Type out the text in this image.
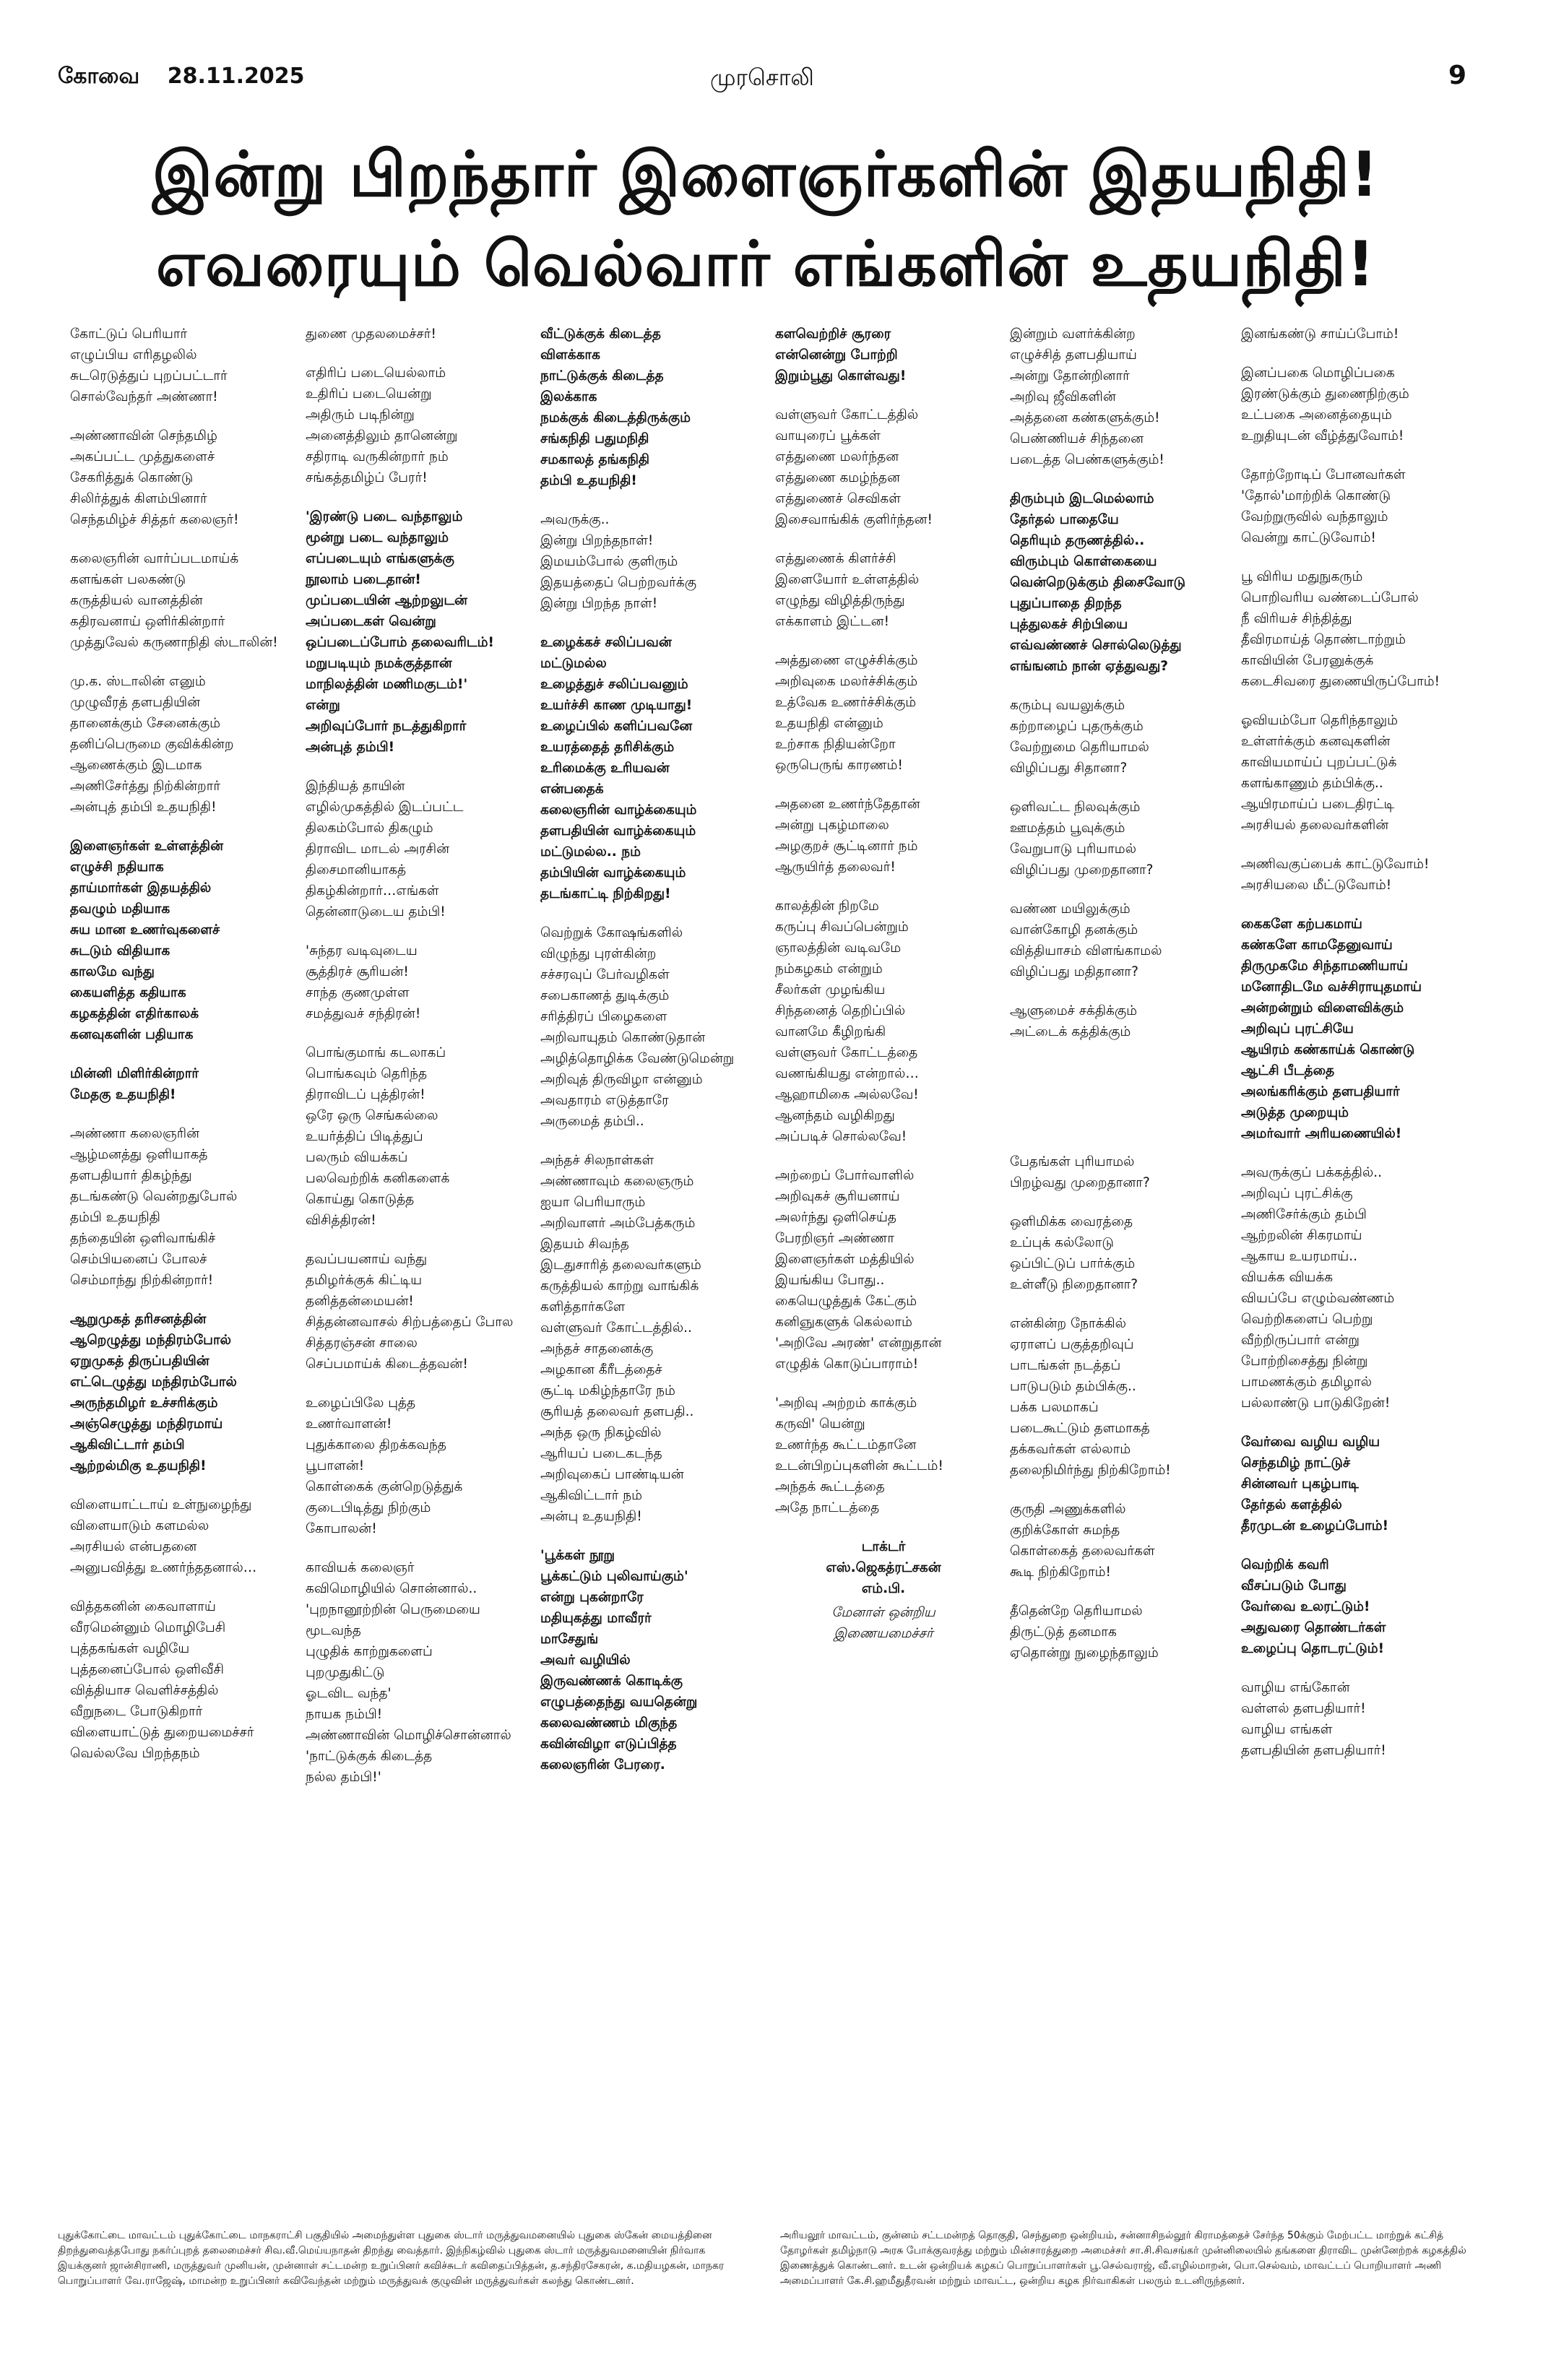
கோவை 28.11.2025	முரசொலி	9
இன்று பிறந்தார் இளைஞர்களின் இதயநிதி!
எவரையும் வெல்வார் எங்களின் உதயநிதி!

கோட்டுப் பெரியார்
எழுப்பிய எரிதழலில்
சுடரெடுத்துப் புறப்பட்டார்
சொல்வேந்தர் அண்ணா!

அண்ணாவின் செந்தமிழ்
அகப்பட்ட முத்துகளைச்
சேகரித்துக் கொண்டு
சிலிர்த்துக் கிளம்பினார்
செந்தமிழ்ச் சித்தர் கலைஞர்!

கலைஞரின் வார்ப்படமாய்க்
களங்கள் பலகண்டு
கருத்தியல் வானத்தின்
கதிரவனாய் ஒளிர்கின்றார்
முத்துவேல் கருணாநிதி ஸ்டாலின்!

மு.க. ஸ்டாலின் எனும்
முழுவீரத் தளபதியின்
தானைக்கும் சேனைக்கும்
தனிப்பெருமை குவிக்கின்ற
ஆணைக்கும் இடமாக
அணிசேர்த்து நிற்கின்றார்
அன்புத் தம்பி உதயநிதி!

இளைஞர்கள் உள்ளத்தின்
எழுச்சி நதியாக
தாய்மார்கள் இதயத்தில்
தவழும் மதியாக
சுய மான உணர்வுகளைச்
சுடடும் விதியாக
காலமே வந்து
கையளித்த கதியாக
கழகத்தின் எதிர்காலக்
கனவுகளின் பதியாக

மின்னி மிளிர்கின்றார்
மேதகு உதயநிதி!

அண்ணா கலைஞரின்
ஆழ்மனத்து ஒளியாகத்
தளபதியார் திகழ்ந்து
தடங்கண்டு வென்றதுபோல்
தம்பி உதயநிதி
தந்தையின் ஒளிவாங்கிச்
செம்பியனைப் போலச்
செம்மாந்து நிற்கின்றார்!

ஆறுமுகத் தரிசனத்தின்
ஆறெழுத்து மந்திரம்போல்
ஏறுமுகத் திருப்பதியின்
எட்டெழுத்து மந்திரம்போல்
அருந்தமிழர் உச்சரிக்கும்
அஞ்செழுத்து மந்திரமாய்
ஆகிவிட்டார் தம்பி
ஆற்றல்மிகு உதயநிதி!

விளையாட்டாய் உள்நுழைந்து
விளையாடும் களமல்ல
அரசியல் என்பதனை
அனுபவித்து உணர்ந்ததனால்…

வித்தகனின் கைவாளாய்
வீரமென்னும் மொழிபேசி
புத்தகங்கள் வழியே
புத்தனைப்போல் ஒளிவீசி
வித்தியாச வெளிச்சத்தில்
வீறுநடை போடுகிறார்
விளையாட்டுத் துறையமைச்சர்
வெல்லவே பிறந்தநம்

துணை முதலமைச்சர்!

எதிரிப் படையெல்லாம்
உதிரிப் படையென்று
அதிரும் படிநின்று
அனைத்திலும் தானென்று
சதிராடி வருகின்றார் நம்
சங்கத்தமிழ்ப் பேரர்!

'இரண்டு படை வந்தாலும்
மூன்று படை வந்தாலும்
எப்படையும் எங்களுக்கு
நூலாம் படைதான்!
முப்படையின் ஆற்றலுடன்
அப்படைகள் வென்று
ஒப்படைப்போம் தலைவரிடம்!
மறுபடியும் நமக்குத்தான்
மாநிலத்தின் மணிமகுடம்!'
என்று
அறிவுப்போர் நடத்துகிறார்
அன்புத் தம்பி!

இந்தியத் தாயின்
எழில்முகத்தில் இடப்பட்ட
திலகம்போல் திகழும்
திராவிட மாடல் அரசின்
திசைமானியாகத்
திகழ்கின்றார்…எங்கள்
தென்னாடுடைய தம்பி!

'சுந்தர வடிவுடைய
சூத்திரச் சூரியன்!
சாந்த குணமுள்ள
சமத்துவச் சந்திரன்!

பொங்குமாங் கடலாகப்
பொங்கவும் தெரிந்த
திராவிடப் புத்திரன்!
ஒரே ஒரு செங்கல்லை
உயர்த்திப் பிடித்துப்
பலரும் வியக்கப்
பலவெற்றிக் கனிகளைக்
கொய்து கொடுத்த
விசித்திரன்!

தவப்பயனாய் வந்து
தமிழர்க்குக் கிட்டிய
தனித்தன்மையன்!
சித்தன்னவாசல் சிற்பத்தைப் போல
சித்தரஞ்சன் சாலை
செப்பமாய்க் கிடைத்தவன்!

உழைப்பிலே புத்த
உணர்வாளன்!
புதுக்காலை திறக்கவந்த
பூபாளன்!
கொள்கைக் குன்றெடுத்துக்
குடைபிடித்து நிற்கும்
கோபாலன்!

காவியக் கலைஞர்
கவிமொழியில் சொன்னால்..
'புறநானூற்றின் பெருமையை
மூடவந்த
புழுதிக் காற்றுகளைப்
புறமுதுகிட்டு
ஓடவிட வந்த'
நாயக நம்பி!
அண்ணாவின் மொழிச்சொன்னால்
'நாட்டுக்குக் கிடைத்த
நல்ல தம்பி!'

வீட்டுக்குக் கிடைத்த
விளக்காக
நாட்டுக்குக் கிடைத்த
இலக்காக
நமக்குக் கிடைத்திருக்கும்
சங்கநிதி பதுமநிதி
சமகாலத் தங்கநிதி
தம்பி உதயநிதி!

அவருக்கு..
இன்று பிறந்தநாள்!
இமயம்போல் குளிரும்
இதயத்தைப் பெற்றவர்க்கு
இன்று பிறந்த நாள்!

உழைக்கச் சலிப்பவன்
மட்டுமல்ல
உழைத்துச் சலிப்பவனும்
உயர்ச்சி காண முடியாது!
உழைப்பில் களிப்பவனே
உயரத்தைத் தரிசிக்கும்
உரிமைக்கு உரியவன்
என்பதைக்
கலைஞரின் வாழ்க்கையும்
தளபதியின் வாழ்க்கையும்
மட்டுமல்ல.. நம்
தம்பியின் வாழ்க்கையும்
தடங்காட்டி நிற்கிறது!

வெற்றுக் கோஷங்களில்
விழுந்து புரள்கின்ற
சச்சரவுப் பேர்வழிகள்
சபைகாணத் துடிக்கும்
சரித்திரப் பிழைகளை
அறிவாயுதம் கொண்டுதான்
அழித்தொழிக்க வேண்டுமென்று
அறிவுத் திருவிழா என்னும்
அவதாரம் எடுத்தாரே
அருமைத் தம்பி..

அந்தச் சிலநாள்கள்
அண்ணாவும் கலைஞரும்
ஐயா பெரியாரும்
அறிவாளர் அம்பேத்கரும்
இதயம் சிவந்த
இடதுசாரித் தலைவர்களும்
கருத்தியல் காற்று வாங்கிக்
களித்தார்களே
வள்ளுவர் கோட்டத்தில்..
அந்தச் சாதனைக்கு
அழகான கீரீடத்தைச்
சூட்டி மகிழ்ந்தாரே நம்
சூரியத் தலைவர் தளபதி..
அந்த ஒரு நிகழ்வில்
ஆரியப் படைகடந்த
அறிவுகைப் பாண்டியன்
ஆகிவிட்டார் நம்
அன்பு உதயநிதி!

'பூக்கள் நூறு
பூக்கட்டும் புலிவாய்கும்'
என்று புகன்றாரே
மதியுகத்து மாவீரர்
மாசேதுங்
அவர் வழியில்
இருவண்ணக் கொடிக்கு
எழுபத்தைந்து வயதென்று
கலைவண்ணம் மிகுந்த
கவின்விழா எடுப்பித்த
கலைஞரின் பேரரை.

களவெற்றிச் சூரரை
என்னென்று போற்றி
இறும்பூது கொள்வது!

வள்ளுவர் கோட்டத்தில்
வாயுரைப் பூக்கள்
எத்துணை மலர்ந்தன
எத்துணை கமழ்ந்தன
எத்துணைச் செவிகள்
இசைவாங்கிக் குளிர்ந்தன!

எத்துணைக் கிளர்ச்சி
இளையோர் உள்ளத்தில்
எழுந்து விழித்திருந்து
எக்காளம் இட்டன!

அத்துணை எழுச்சிக்கும்
அறிவுகை மலர்ச்சிக்கும்
உத்வேக உணர்ச்சிக்கும்
உதயநிதி என்னும்
உற்சாக நிதியன்றோ
ஒருபெருங் காரணம்!

அதனை உணர்ந்தேதான்
அன்று புகழ்மாலை
அழகுறச் சூட்டினார் நம்
ஆருயிர்த் தலைவர்!

காலத்தின் நிறமே
கருப்பு சிவப்பென்றும்
ஞாலத்தின் வடிவமே
நம்கழகம் என்றும்
சீலர்கள் முழங்கிய
சிந்தனைத் தெறிப்பில்
வானமே கீழிறங்கி
வள்ளுவர் கோட்டத்தை
வணங்கியது என்றால்…
ஆஹாமிகை அல்லவே!
ஆனந்தம் வழிகிறது
அப்படிச் சொல்லவே!

அற்றைப் போர்வாளில்
அறிவுகச் சூரியனாய்
அலர்ந்து ஒளிசெய்த
பேரறிஞர் அண்ணா
இளைஞர்கள் மத்தியில்
இயங்கிய போது..
கையெழுத்துக் கேட்கும்
கனிஞுகளுக் கெல்லாம்
'அறிவே அரண்' என்றுதான்
எழுதிக் கொடுப்பாராம்!

'அறிவு அற்றம் காக்கும்
கருவி' யென்று
உணர்ந்த கூட்டம்தானே
உடன்பிறப்புகளின் கூட்டம்!
அந்தக் கூட்டத்தை
அதே நாட்டத்தை

டாக்டர்
எஸ்.ஜெகத்ரட்சகன்
எம்.பி.
மேனாள் ஒன்றிய
இணையமைச்சர்

இன்றும் வளர்க்கின்ற
எழுச்சித் தளபதியாய்
அன்று தோன்றினார்
அறிவு ஜீவிகளின்
அத்தனை கண்களுக்கும்!
பெண்ணியச் சிந்தனை
படைத்த பெண்களுக்கும்!

திரும்பும் இடமெல்லாம்
தேர்தல் பாதையே
தெரியும் தருணத்தில்..
விரும்பும் கொள்கையை
வென்றெடுக்கும் திசைவோடு
புதுப்பாதை திறந்த
புத்துலகச் சிற்பியை
எவ்வண்ணச் சொல்லெடுத்து
எங்ஙனம் நான் ஏத்துவது?

கரும்பு வயலுக்கும்
கற்றாழைப் புதருக்கும்
வேற்றுமை தெரியாமல்
விழிப்பது சிதானா?

ஒளிவட்ட நிலவுக்கும்
ஊமத்தம் பூவுக்கும்
வேறுபாடு புரியாமல்
விழிப்பது முறைதானா?

வண்ண மயிலுக்கும்
வான்கோழி தனக்கும்
வித்தியாசம் விளங்காமல்
விழிப்பது மதிதானா?

ஆளுமைச் சக்திக்கும்
அட்டைக் கத்திக்கும்

பேதங்கள் புரியாமல்
பிறழ்வது முறைதானா?

ஒளிமிக்க வைரத்தை
உப்புக் கல்லோடு
ஒப்பிட்டுப் பார்க்கும்
உள்ளீடு நிறைதானா?

என்கின்ற நோக்கில்
ஏராளப் பகுத்தறிவுப்
பாடங்கள் நடத்தப்
பாடுபடும் தம்பிக்கு..
பக்க பலமாகப்
படைகூட்டும் தளமாகத்
தக்கவர்கள் எல்லாம்
தலைநிமிர்ந்து நிற்கிறோம்!

குருதி அணுக்களில்
குறிக்கோள் சுமந்த
கொள்கைத் தலைவர்கள்
கூடி நிற்கிறோம்!

தீதென்றே தெரியாமல்
திருட்டுத் தனமாக
ஏதொன்று நுழைந்தாலும்

இனங்கண்டு சாய்ப்போம்!

இனப்பகை மொழிப்பகை
இரண்டுக்கும் துணைநிற்கும்
உட்பகை அனைத்தையும்
உறுதியுடன் வீழ்த்துவோம்!

தோற்றோடிப் போனவர்கள்
'தோல்'மாற்றிக் கொண்டு
வேற்றுருவில் வந்தாலும்
வென்று காட்டுவோம்!

பூ விரிய மதுநுகரும்
பொறிவரிய வண்டைப்போல்
நீ விரியச் சிந்தித்து
தீவிரமாய்த் தொண்டாற்றும்
காவியின் பேரனுக்குக்
கடைசிவரை துணையிருப்போம்!

ஓவியம்போ தெரிந்தாலும்
உள்ளர்க்கும் கனவுகளின்
காவியமாய்ப் புறப்பட்டுக்
களங்காணும் தம்பிக்கு..
ஆயிரமாய்ப் படைதிரட்டி
அரசியல் தலைவர்களின்

அணிவகுப்பைக் காட்டுவோம்!
அரசியலை மீட்டுவோம்!

கைகளே கற்பகமாய்
கண்களே காமதேனுவாய்
திருமுகமே சிந்தாமணியாய்
மனோதிடமே வச்சிராயுதமாய்
அன்றன்றும் விளைவிக்கும்
அறிவுப் புரட்சியே
ஆயிரம் கண்காய்க் கொண்டு
ஆட்சி பீடத்தை
அலங்கரிக்கும் தளபதியார்
அடுத்த முறையும்
அமர்வார் அரியணையில்!

அவருக்குப் பக்கத்தில்..
அறிவுப் புரட்சிக்கு
அணிசேர்க்கும் தம்பி
ஆற்றலின் சிகரமாய்
ஆகாய உயரமாய்..
வியக்க வியக்க
வியப்பே எழும்வண்ணம்
வெற்றிகளைப் பெற்று
வீற்றிருப்பார் என்று
போற்றிசைத்து நின்று
பாமணக்கும் தமிழால்
பல்லாண்டு பாடுகிறேன்!

வேர்வை வழிய வழிய
செந்தமிழ் நாட்டுச்
சின்னவர் புகழ்பாடி
தேர்தல் களத்தில்
தீரமுடன் உழைப்போம்!

வெற்றிக் கவரி
வீசப்படும் போது
வேர்வை உலரட்டும்!
அதுவரை தொண்டர்கள்
உழைப்பு தொடரட்டும்!

வாழிய எங்கோன்
வள்ளல் தளபதியார்!
வாழிய எங்கள்
தளபதியின் தளபதியார்!

புதுக்கோட்டை மாவட்டம் புதுக்கோட்டை மாநகராட்சி பகுதியில் அமைந்துள்ள புதுகை ஸ்டார் மருத்துவமனையில் புதுகை ஸ்கேன் மையத்தினை திறந்துவைத்தபோது நகர்ப்புறத் தலைமைச்சர் சிவ.வீ.மெய்யநாதன் திறந்து வைத்தார். இந்நிகழ்வில் புதுகை ஸ்டார் மருத்துவமனையின் நிர்வாக இயக்குனர் ஜான்சிராணி, மருத்துவர் முனியன், முன்னாள் சட்டமன்ற உறுப்பினர் கவிச்சுடர் கவிதைப்பித்தன், த.சந்திரசேகரன், க.மதியழகன், மாநகர பொறுப்பாளர் வே.ராஜேஷ், மாமன்ற உறுப்பினர் கவிவேந்தன் மற்றும் மருத்துவக் குழுவின் மருத்துவர்கள் கலந்து கொண்டனர்.
அரியலூர் மாவட்டம், குன்னம் சட்டமன்றத் தொகுதி, செந்துறை ஒன்றியம், சன்னாசிநல்லூர் கிராமத்தைச் சேர்ந்த 50க்கும் மேற்பட்ட மாற்றுக் கட்சித் தோழர்கள் தமிழ்நாடு அரசு போக்குவரத்து மற்றும் மின்சாரத்துறை அமைச்சர் சா.சி.சிவசங்கர் முன்னிலையில் தங்களை திராவிட முன்னேற்றக் கழகத்தில் இணைத்துக் கொண்டனர். உடன் ஒன்றியக் கழகப் பொறுப்பாளர்கள் பூ.செல்வராஜ், வீ.எழில்மாறன், பொ.செல்வம், மாவட்டப் பொறியாளர் அணி அமைப்பாளர் கே.சி.ஹமீதுதீரவன் மற்றும் மாவட்ட, ஒன்றிய கழக நிர்வாகிகள் பலரும் உடனிருந்தனர்.
